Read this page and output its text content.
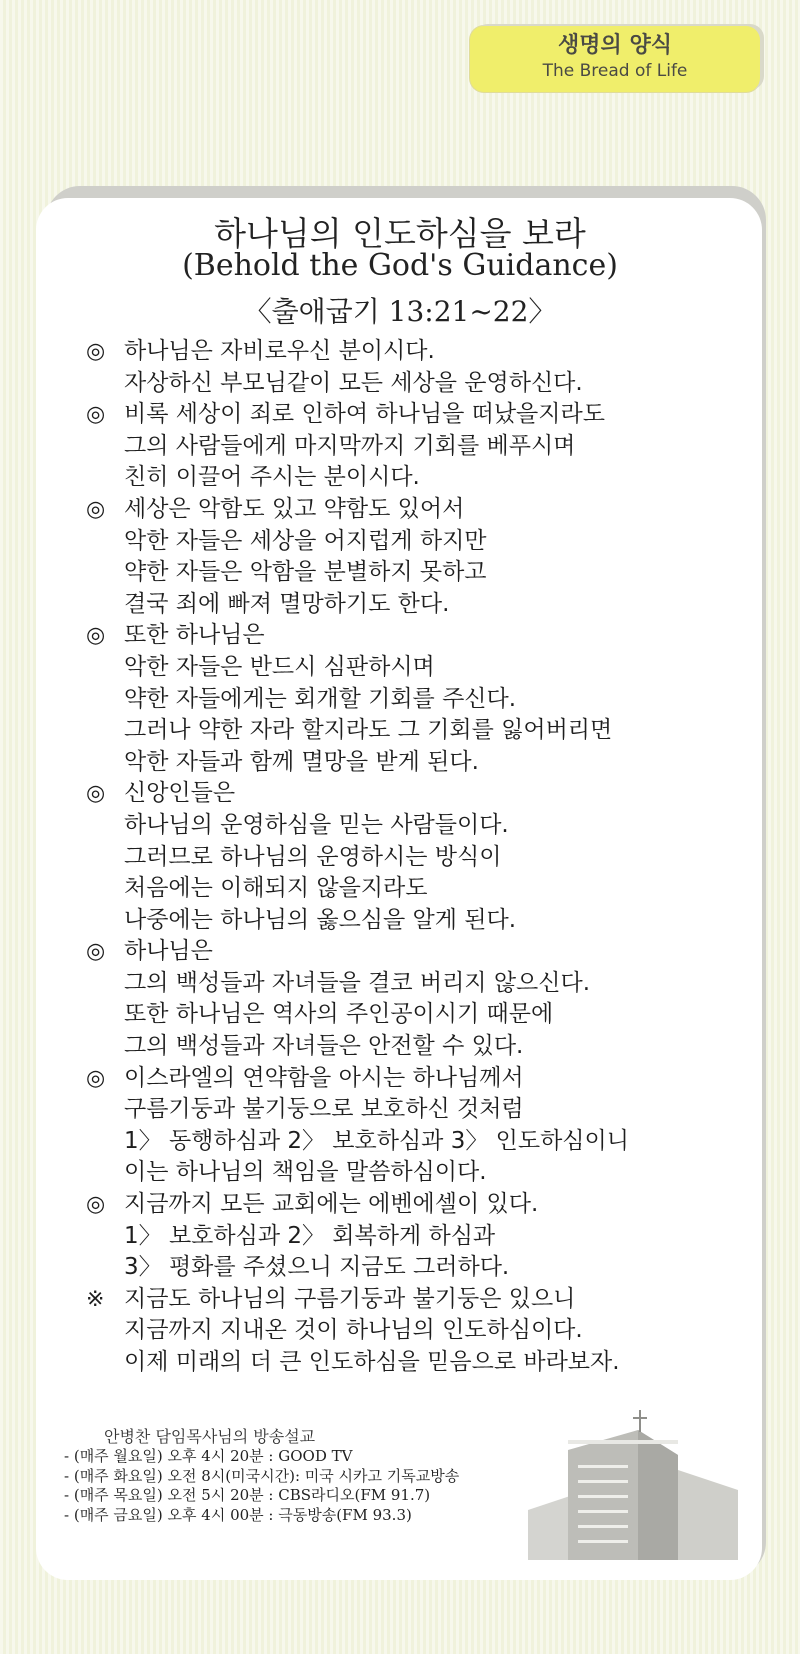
생명의 양식
The Bread of Life
하나님의 인도하심을 보라
(Behold the God's Guidance)
〈출애굽기 13:21~22〉
◎ 하나님은 자비로우신 분이시다.
자상하신 부모님같이 모든 세상을 운영하신다.
◎ 비록 세상이 죄로 인하여 하나님을 떠났을지라도
그의 사람들에게 마지막까지 기회를 베푸시며
친히 이끌어 주시는 분이시다.
◎ 세상은 악함도 있고 약함도 있어서
악한 자들은 세상을 어지럽게 하지만
약한 자들은 악함을 분별하지 못하고
결국 죄에 빠져 멸망하기도 한다.
◎ 또한 하나님은
악한 자들은 반드시 심판하시며
약한 자들에게는 회개할 기회를 주신다.
그러나 약한 자라 할지라도 그 기회를 잃어버리면
악한 자들과 함께 멸망을 받게 된다.
◎ 신앙인들은
하나님의 운영하심을 믿는 사람들이다.
그러므로 하나님의 운영하시는 방식이
처음에는 이해되지 않을지라도
나중에는 하나님의 옳으심을 알게 된다.
◎ 하나님은
그의 백성들과 자녀들을 결코 버리지 않으신다.
또한 하나님은 역사의 주인공이시기 때문에
그의 백성들과 자녀들은 안전할 수 있다.
◎ 이스라엘의 연약함을 아시는 하나님께서
구름기둥과 불기둥으로 보호하신 것처럼
1〉 동행하심과 2〉 보호하심과 3〉 인도하심이니
이는 하나님의 책임을 말씀하심이다.
◎ 지금까지 모든 교회에는 에벤에셀이 있다.
1〉 보호하심과 2〉 회복하게 하심과
3〉 평화를 주셨으니 지금도 그러하다.
※ 지금도 하나님의 구름기둥과 불기둥은 있으니
지금까지 지내온 것이 하나님의 인도하심이다.
이제 미래의 더 큰 인도하심을 믿음으로 바라보자.
안병찬 담임목사님의 방송설교
- (매주 월요일) 오후 4시 20분 : GOOD TV
- (매주 화요일) 오전 8시(미국시간): 미국 시카고 기독교방송
- (매주 목요일) 오전 5시 20분 : CBS라디오(FM 91.7)
- (매주 금요일) 오후 4시 00분 : 극동방송(FM 93.3)
